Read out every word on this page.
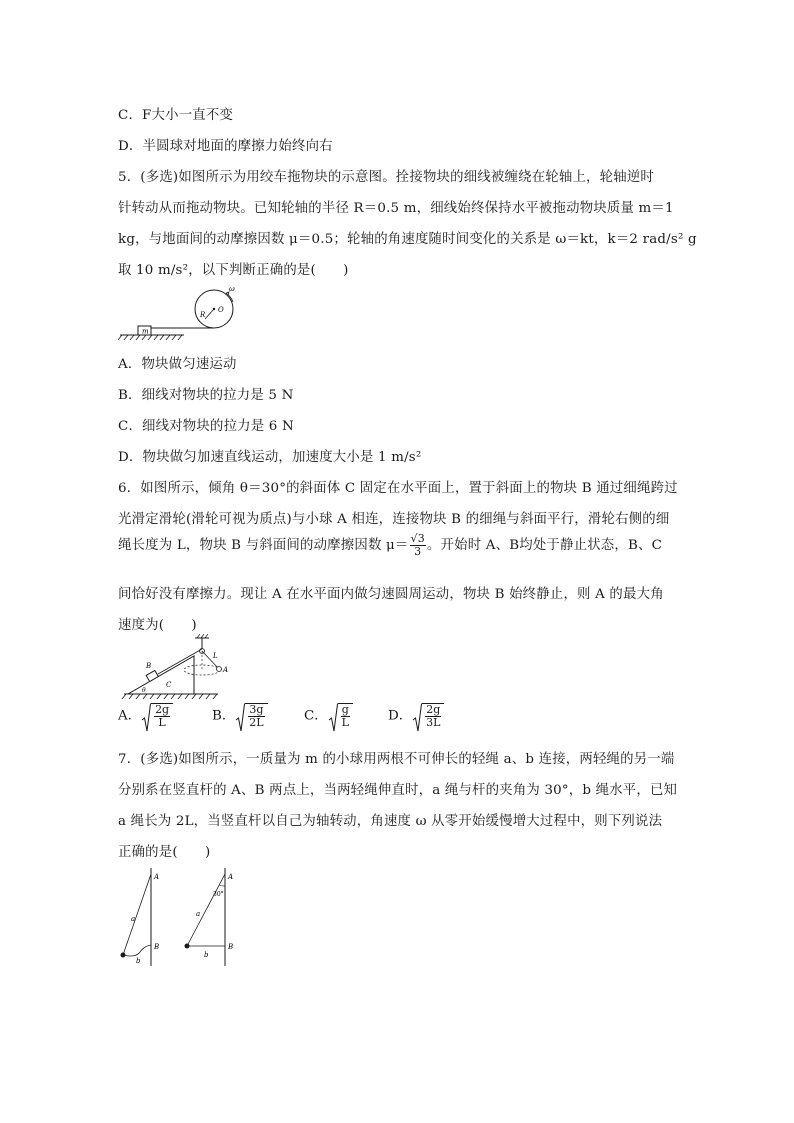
C．F大小一直不变
D．半圆球对地面的摩擦力始终向右
5．(多选)如图所示为用绞车拖物块的示意图。拴接物块的细线被缠绕在轮轴上，轮轴逆时
针转动从而拖动物块。已知轮轴的半径 R＝0.5 m，细线始终保持水平被拖动物块质量 m＝1
kg，与地面间的动摩擦因数 μ＝0.5；轮轴的角速度随时间变化的关系是 ω＝kt，k＝2 rad/s² g
取 10 m/s²，以下判断正确的是(　　)
m
O
R
ω
A．物块做匀速运动
B．细线对物块的拉力是 5 N
C．细线对物块的拉力是 6 N
D．物块做匀加速直线运动，加速度大小是 1 m/s²
6．如图所示，倾角 θ＝30°的斜面体 C 固定在水平面上，置于斜面上的物块 B 通过细绳跨过
光滑定滑轮(滑轮可视为质点)与小球 A 相连，连接物块 B 的细绳与斜面平行，滑轮右侧的细
绳长度为 L，物块 B 与斜面间的动摩擦因数 $\mu= \frac{√3}{3}$ 。开始时 A、B均处于静止状态，B、C
间恰好没有摩擦力。现让 A 在水平面内做匀速圆周运动，物块 B 始终静止，则 A 的最大角
速度为(　　)
B
C
θ
L
A
A． $\frac{2g}{L}$	B． $\frac{3g}{2L}$	C． $\frac{g}{L}$	D． $\frac{2g}{3L}$
7．(多选)如图所示，一质量为 m 的小球用两根不可伸长的轻绳 a、b 连接，两轻绳的另一端
分别系在竖直杆的 A、B 两点上，当两轻绳伸直时，a 绳与杆的夹角为 30°，b 绳水平，已知
a 绳长为 2L，当竖直杆以自己为轴转动，角速度 ω 从零开始缓慢增大过程中，则下列说法
正确的是(　　)
A
a
B
b
A
30°
a
B
b
